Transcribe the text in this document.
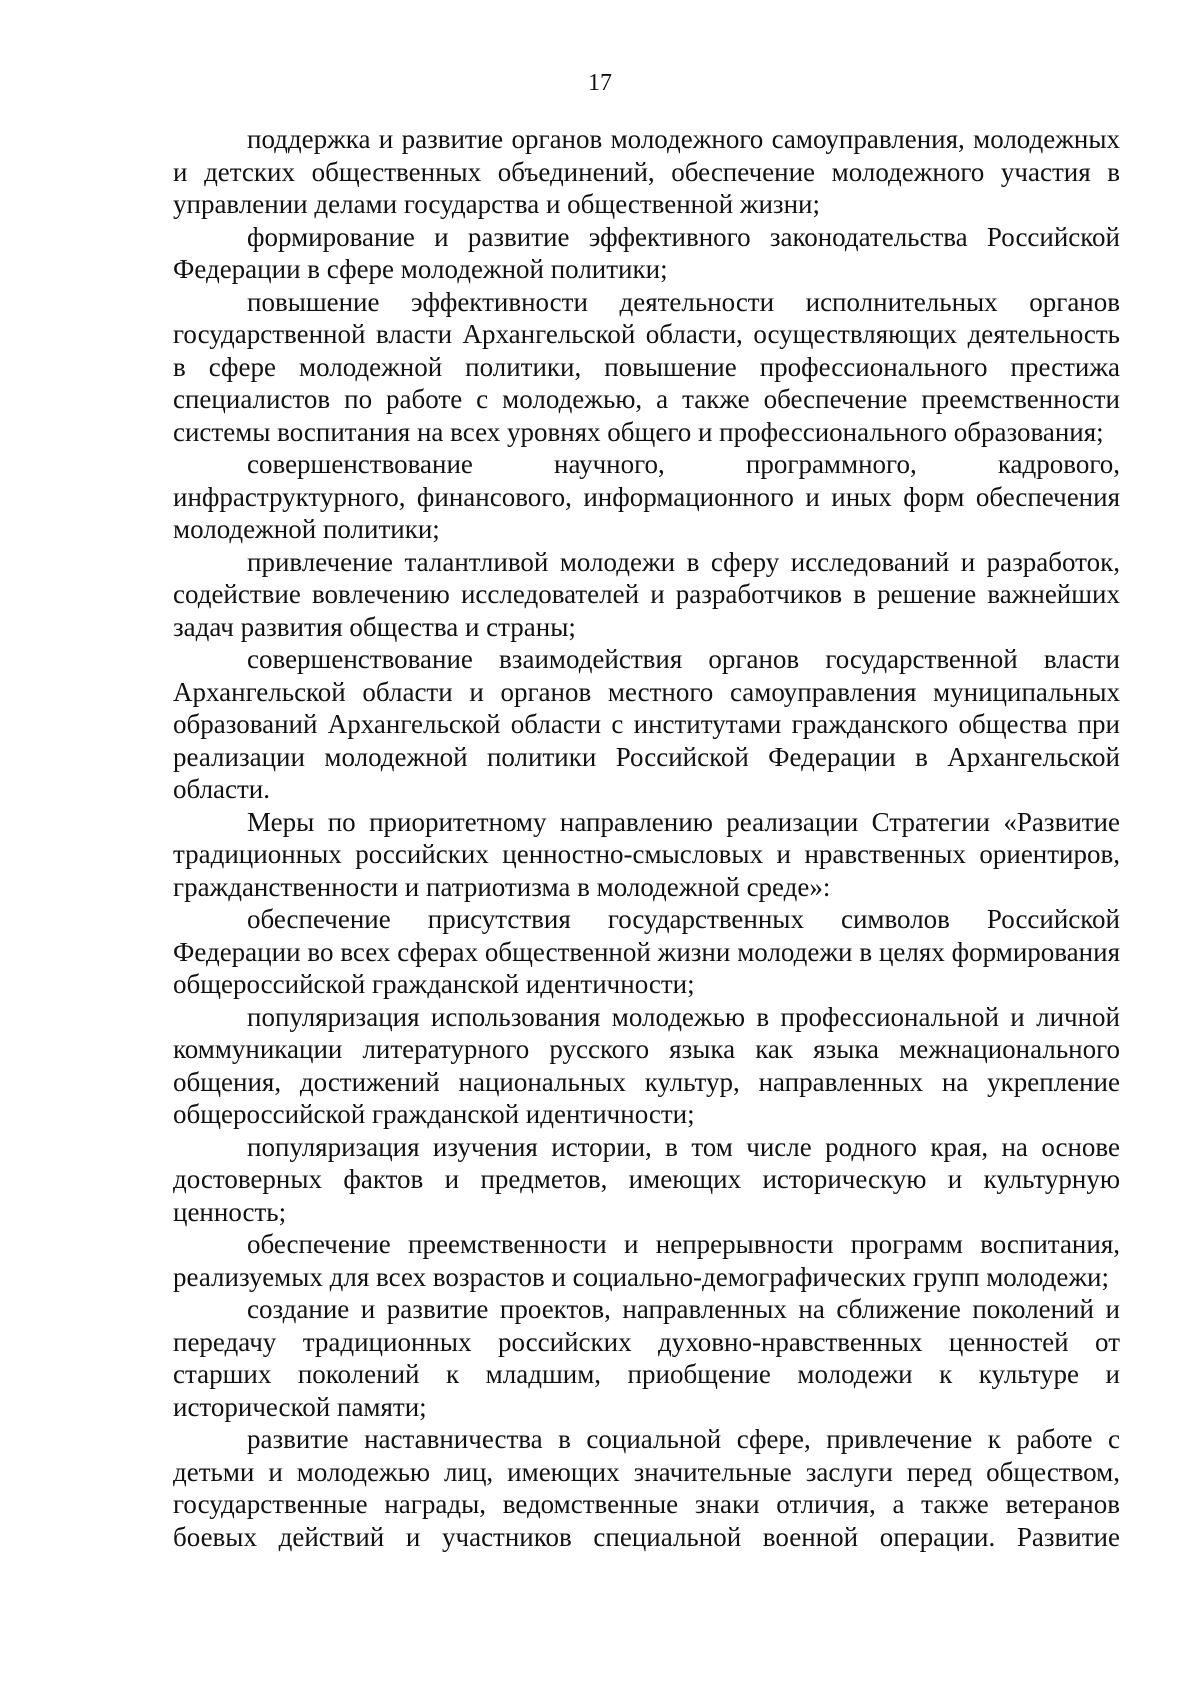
17

поддержка и развитие органов молодежного самоуправления, молодежных и детских общественных объединений, обеспечение молодежного участия в управлении делами государства и общественной жизни;

формирование и развитие эффективного законодательства Российской Федерации в сфере молодежной политики;

повышение эффективности деятельности исполнительных органов государственной власти Архангельской области, осуществляющих деятельность в сфере молодежной политики, повышение профессионального престижа специалистов по работе с молодежью, а также обеспечение преемственности системы воспитания на всех уровнях общего и профессионального образования;

совершенствование научного, программного, кадрового, инфраструктурного, финансового, информационного и иных форм обеспечения молодежной политики;

привлечение талантливой молодежи в сферу исследований и разработок, содействие вовлечению исследователей и разработчиков в решение важнейших задач развития общества и страны;

совершенствование взаимодействия органов государственной власти Архангельской области и органов местного самоуправления муниципальных образований Архангельской области с институтами гражданского общества при реализации молодежной политики Российской Федерации в Архангельской области.

Меры по приоритетному направлению реализации Стратегии «Развитие традиционных российских ценностно-смысловых и нравственных ориентиров, гражданственности и патриотизма в молодежной среде»:

обеспечение присутствия государственных символов Российской Федерации во всех сферах общественной жизни молодежи в целях формирования общероссийской гражданской идентичности;

популяризация использования молодежью в профессиональной и личной коммуникации литературного русского языка как языка межнационального общения, достижений национальных культур, направленных на укрепление общероссийской гражданской идентичности;

популяризация изучения истории, в том числе родного края, на основе достоверных фактов и предметов, имеющих историческую и культурную ценность;

обеспечение преемственности и непрерывности программ воспитания, реализуемых для всех возрастов и социально-демографических групп молодежи;

создание и развитие проектов, направленных на сближение поколений и передачу традиционных российских духовно-нравственных ценностей от старших поколений к младшим, приобщение молодежи к культуре и исторической памяти;

развитие наставничества в социальной сфере, привлечение к работе с детьми и молодежью лиц, имеющих значительные заслуги перед обществом, государственные награды, ведомственные знаки отличия, а также ветеранов боевых действий и участников специальной военной операции. Развитие
